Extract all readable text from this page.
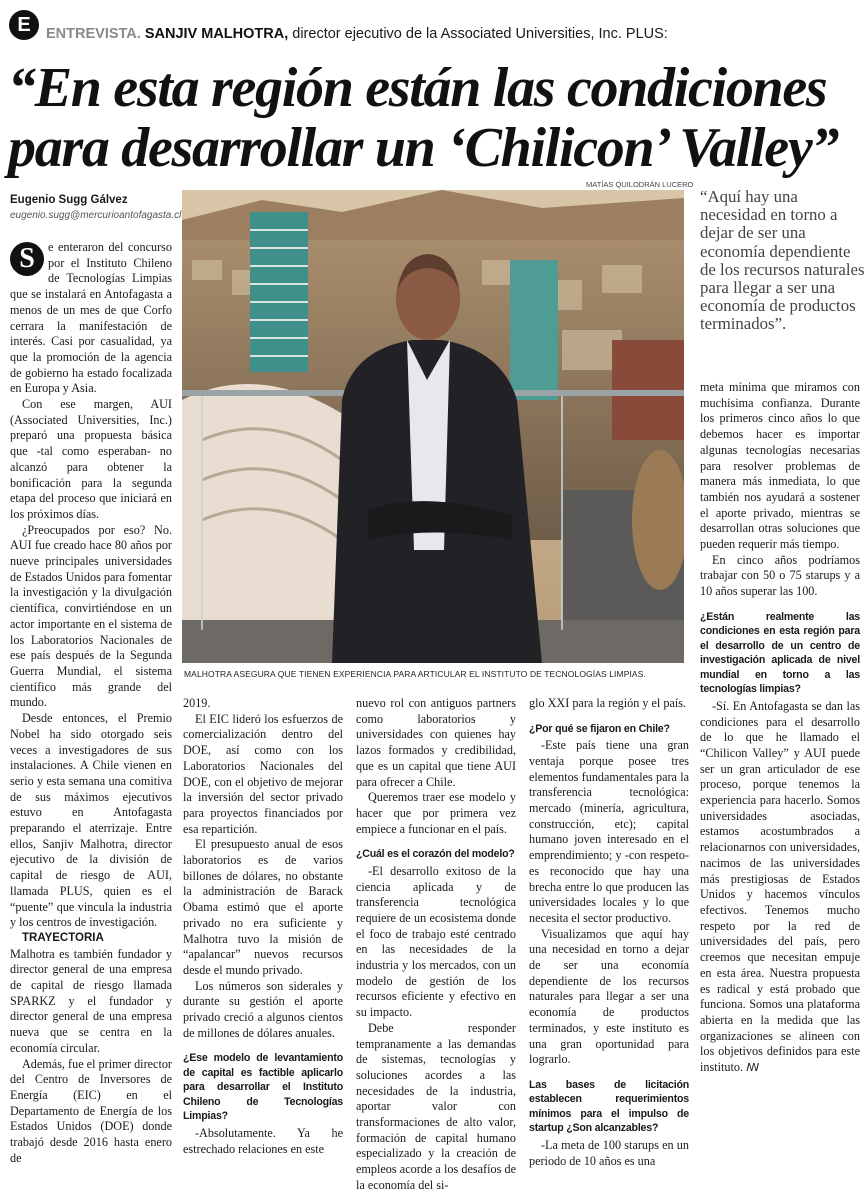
E	ENTREVISTA. SANJIV MALHOTRA, director ejecutivo de la Associated Universities, Inc. PLUS:
“En esta región están las condiciones para desarrollar un ‘Chilicon’ Valley”
Eugenio Sugg Gálvez
eugenio.sugg@mercurioantofagasta.cl
MATÍAS QUILODRÁN LUCERO
MALHOTRA ASEGURA QUE TIENEN EXPERIENCIA PARA ARTICULAR EL INSTITUTO DE TECNOLOGÍAS LIMPIAS.
“Aquí hay una necesidad en torno a dejar de ser una economía dependiente de los recursos naturales para llegar a ser una economía de productos terminados”.

S	e enteraron del concurso por el Instituto Chileno de Tecnologías Limpias que se instalará en Antofagasta a menos de un mes de que Corfo cerrara la manifestación de interés. Casi por casualidad, ya que la promoción de la agencia de gobierno ha estado focalizada en Europa y Asia.

Con ese margen, AUI (Associated Universities, Inc.) preparó una propuesta básica que -tal como esperaban- no alcanzó para obtener la bonificación para la segunda etapa del proceso que iniciará en los próximos días.

¿Preocupados por eso? No. AUI fue creado hace 80 años por nueve principales universidades de Estados Unidos para fomentar la investigación y la divulgación científica, convirtiéndose en un actor importante en el sistema de los Laboratorios Nacionales de ese país después de la Segunda Guerra Mundial, el sistema científico más grande del mundo.

Desde entonces, el Premio Nobel ha sido otorgado seis veces a investigadores de sus instalaciones. A Chile vienen en serio y esta semana una comitiva de sus máximos ejecutivos estuvo en Antofagasta preparando el aterrizaje. Entre ellos, Sanjiv Malhotra, director ejecutivo de la división de capital de riesgo de AUI, llamada PLUS, quien es el “puente” que vincula la industria y los centros de investigación.

TRAYECTORIA

Malhotra es también fundador y director general de una empresa de capital de riesgo llamada SPARKZ y el fundador y director general de una empresa nueva que se centra en la economía circular.

Además, fue el primer director del Centro de Inversores de Energía (EIC) en el Departamento de Energía de los Estados Unidos (DOE) donde trabajó desde 2016 hasta enero de

2019.

El EIC lideró los esfuerzos de comercialización dentro del DOE, así como con los Laboratorios Nacionales del DOE, con el objetivo de mejorar la inversión del sector privado para proyectos financiados por esa repartición.

El presupuesto anual de esos laboratorios es de varios billones de dólares, no obstante la administración de Barack Obama estimó que el aporte privado no era suficiente y Malhotra tuvo la misión de “apalancar” nuevos recursos desde el mundo privado.

Los números son siderales y durante su gestión el aporte privado creció a algunos cientos de millones de dólares anuales.

¿Ese modelo de levantamiento de capital es factible aplicarlo para desarrollar el Instituto Chileno de Tecnologías Limpias?

-Absolutamente. Ya he estrechado relaciones en este

nuevo rol con antiguos partners como laboratorios y universidades con quienes hay lazos formados y credibilidad, que es un capital que tiene AUI para ofrecer a Chile.

Queremos traer ese modelo y hacer que por primera vez empiece a funcionar en el país.

¿Cuál es el corazón del modelo?

-El desarrollo exitoso de la ciencia aplicada y de transferencia tecnológica requiere de un ecosistema donde el foco de trabajo esté centrado en las necesidades de la industria y los mercados, con un modelo de gestión de los recursos eficiente y efectivo en su impacto.

Debe responder tempranamente a las demandas de sistemas, tecnologías y soluciones acordes a las necesidades de la industria, aportar valor con transformaciones de alto valor, formación de capital humano especializado y la creación de empleos acorde a los desafíos de la economía del si-

glo XXI para la región y el país.

¿Por qué se fijaron en Chile?

-Este país tiene una gran ventaja porque posee tres elementos fundamentales para la transferencia tecnológica: mercado (minería, agricultura, construcción, etc); capital humano joven interesado en el emprendimiento; y -con respeto- es reconocido que hay una brecha entre lo que producen las universidades locales y lo que necesita el sector productivo.

Visualizamos que aquí hay una necesidad en torno a dejar de ser una economía dependiente de los recursos naturales para llegar a ser una economía de productos terminados, y este instituto es una gran oportunidad para lograrlo.

Las bases de licitación establecen requerimientos mínimos para el impulso de startup ¿Son alcanzables?

-La meta de 100 starups en un periodo de 10 años es una

meta mínima que miramos con muchísima confianza. Durante los primeros cinco años lo que debemos hacer es importar algunas tecnologías necesarias para resolver problemas de manera más inmediata, lo que también nos ayudará a sostener el aporte privado, mientras se desarrollan otras soluciones que pueden requerir más tiempo.

En cinco años podríamos trabajar con 50 o 75 starups y a 10 años superar las 100.

¿Están realmente las condiciones en esta región para el desarrollo de un centro de investigación aplicada de nivel mundial en torno a las tecnologías limpias?

-Sí. En Antofagasta se dan las condiciones para el desarrollo de lo que he llamado el “Chilicon Valley” y AUI puede ser un gran articulador de ese proceso, porque tenemos la experiencia para hacerlo. Somos universidades asociadas, estamos acostumbrados a relacionarnos con universidades, nacimos de las universidades más prestigiosas de Estados Unidos y hacemos vínculos efectivos. Tenemos mucho respeto por la red de universidades del país, pero creemos que necesitan empuje en esta área. Nuestra propuesta es radical y está probado que funciona. Somos una plataforma abierta en la medida que las organizaciones se alineen con los objetivos definidos para este instituto. ꟿ
